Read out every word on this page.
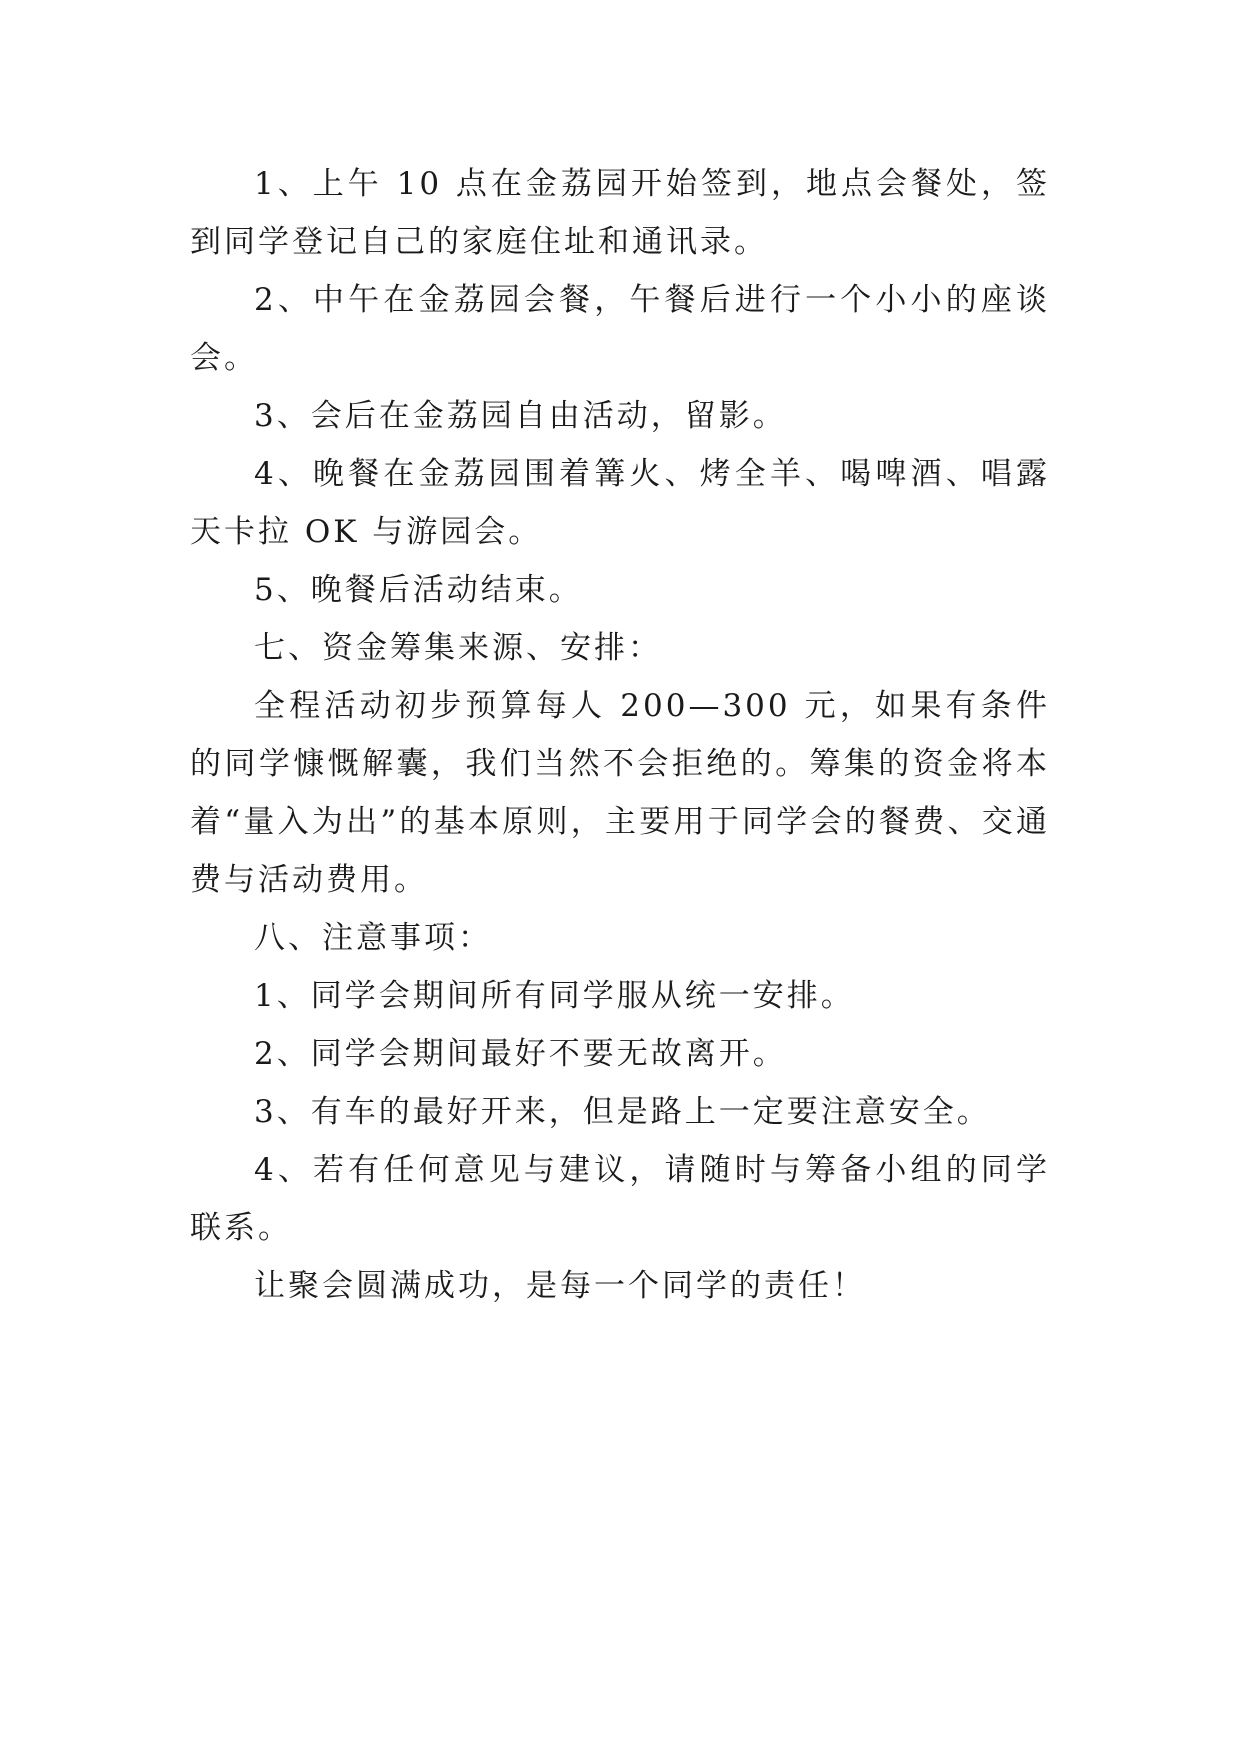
1、上午 10 点在金荔园开始签到，地点会餐处，签到同学登记自己的家庭住址和通讯录。

2、中午在金荔园会餐，午餐后进行一个小小的座谈会。

3、会后在金荔园自由活动，留影。

4、晚餐在金荔园围着篝火、烤全羊、喝啤酒、唱露天卡拉 OK 与游园会。

5、晚餐后活动结束。

七、资金筹集来源、安排：

全程活动初步预算每人 200—300 元，如果有条件的同学慷慨解囊，我们当然不会拒绝的。筹集的资金将本着“量入为出”的基本原则，主要用于同学会的餐费、交通费与活动费用。

八、注意事项：

1、同学会期间所有同学服从统一安排。

2、同学会期间最好不要无故离开。

3、有车的最好开来，但是路上一定要注意安全。

4、若有任何意见与建议，请随时与筹备小组的同学联系。

让聚会圆满成功，是每一个同学的责任！
